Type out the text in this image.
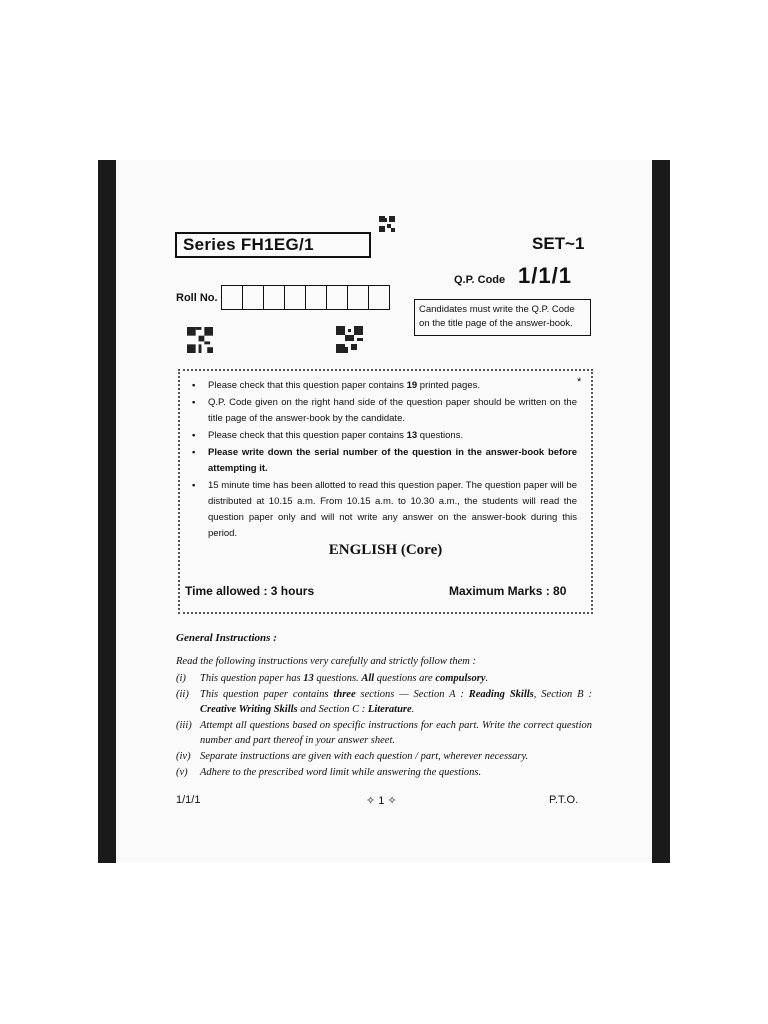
Series FH1EG/1	SET~1
Q.P. Code 1/1/1
Roll No.
Candidates must write the Q.P. Code on the title page of the answer-book.
*
• Please check that this question paper contains 19 printed pages.
• Q.P. Code given on the right hand side of the question paper should be written on the title page of the answer-book by the candidate.
• Please check that this question paper contains 13 questions.
• Please write down the serial number of the question in the answer-book before attempting it.
• 15 minute time has been allotted to read this question paper. The question paper will be distributed at 10.15 a.m. From 10.15 a.m. to 10.30 a.m., the students will read the question paper only and will not write any answer on the answer-book during this period.
ENGLISH (Core)
Time allowed : 3 hours	Maximum Marks : 80
General Instructions :
Read the following instructions very carefully and strictly follow them :
(i)	This question paper has 13 questions. All questions are compulsory.
(ii)	This question paper contains three sections — Section A : Reading Skills, Section B : Creative Writing Skills and Section C : Literature.
(iii) Attempt all questions based on specific instructions for each part. Write the correct question number and part thereof in your answer sheet.
(iv) Separate instructions are given with each question / part, wherever necessary.
(v)	Adhere to the prescribed word limit while answering the questions.
1/1/1	✧ 1 ✧	P.T.O.
